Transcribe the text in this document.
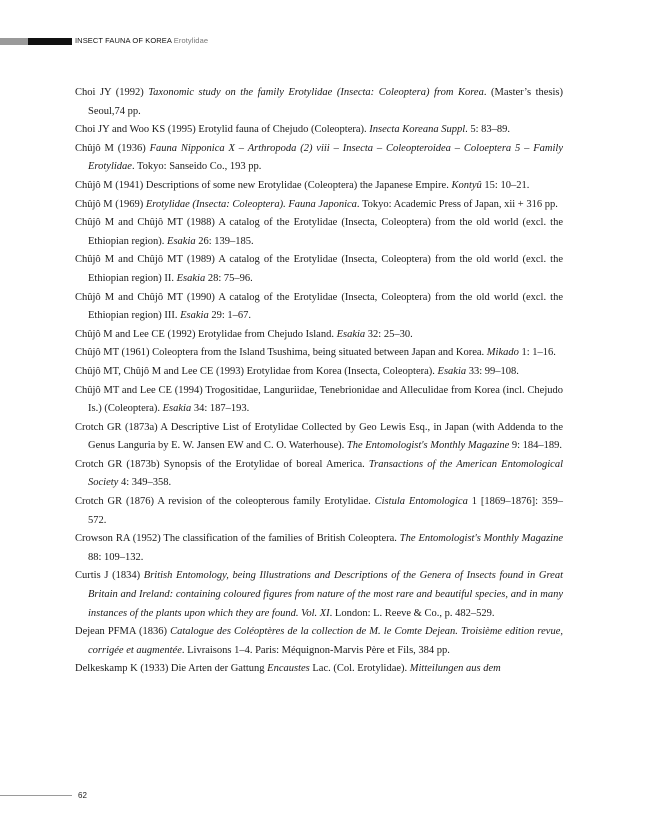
INSECT FAUNA OF KOREA Erotylidae
Choi JY (1992) Taxonomic study on the family Erotylidae (Insecta: Coleoptera) from Korea. (Master’s thesis) Seoul,74 pp.
Choi JY and Woo KS (1995) Erotylid fauna of Chejudo (Coleoptera). Insecta Koreana Suppl. 5: 83–89.
Chûjô M (1936) Fauna Nipponica X – Arthropoda (2) viii – Insecta – Coleopteroidea – Coloeptera 5 – Family Erotylidae. Tokyo: Sanseido Co., 193 pp.
Chûjô M (1941) Descriptions of some new Erotylidae (Coleoptera) the Japanese Empire. Kontyû 15: 10–21.
Chûjô M (1969) Erotylidae (Insecta: Coleoptera). Fauna Japonica. Tokyo: Academic Press of Japan, xii + 316 pp.
Chûjô M and Chûjô MT (1988) A catalog of the Erotylidae (Insecta, Coleoptera) from the old world (excl. the Ethiopian region). Esakia 26: 139–185.
Chûjô M and Chûjô MT (1989) A catalog of the Erotylidae (Insecta, Coleoptera) from the old world (excl. the Ethiopian region) II. Esakia 28: 75–96.
Chûjô M and Chûjô MT (1990) A catalog of the Erotylidae (Insecta, Coleoptera) from the old world (excl. the Ethiopian region) III. Esakia 29: 1–67.
Chûjô M and Lee CE (1992) Erotylidae from Chejudo Island. Esakia 32: 25–30.
Chûjô MT (1961) Coleoptera from the Island Tsushima, being situated between Japan and Korea. Mikado 1: 1–16.
Chûjô MT, Chûjô M and Lee CE (1993) Erotylidae from Korea (Insecta, Coleoptera). Esakia 33: 99–108.
Chûjô MT and Lee CE (1994) Trogositidae, Languriidae, Tenebrionidae and Alleculidae from Korea (incl. Chejudo Is.) (Coleoptera). Esakia 34: 187–193.
Crotch GR (1873a) A Descriptive List of Erotylidae Collected by Geo Lewis Esq., in Japan (with Addenda to the Genus Languria by E. W. Jansen EW and C. O. Waterhouse). The Entomologist's Monthly Magazine 9: 184–189.
Crotch GR (1873b) Synopsis of the Erotylidae of boreal America. Transactions of the American Entomological Society 4: 349–358.
Crotch GR (1876) A revision of the coleopterous family Erotylidae. Cistula Entomologica 1 [1869–1876]: 359–572.
Crowson RA (1952) The classification of the families of British Coleoptera. The Entomologist's Monthly Magazine 88: 109–132.
Curtis J (1834) British Entomology, being Illustrations and Descriptions of the Genera of Insects found in Great Britain and Ireland: containing coloured figures from nature of the most rare and beautiful species, and in many instances of the plants upon which they are found. Vol. XI. London: L. Reeve & Co., p. 482–529.
Dejean PFMA (1836) Catalogue des Coléoptères de la collection de M. le Comte Dejean. Troisième edition revue, corrigée et augmentée. Livraisons 1–4. Paris: Méquignon-Marvis Père et Fils, 384 pp.
Delkeskamp K (1933) Die Arten der Gattung Encaustes Lac. (Col. Erotylidae). Mitteilungen aus dem
62
